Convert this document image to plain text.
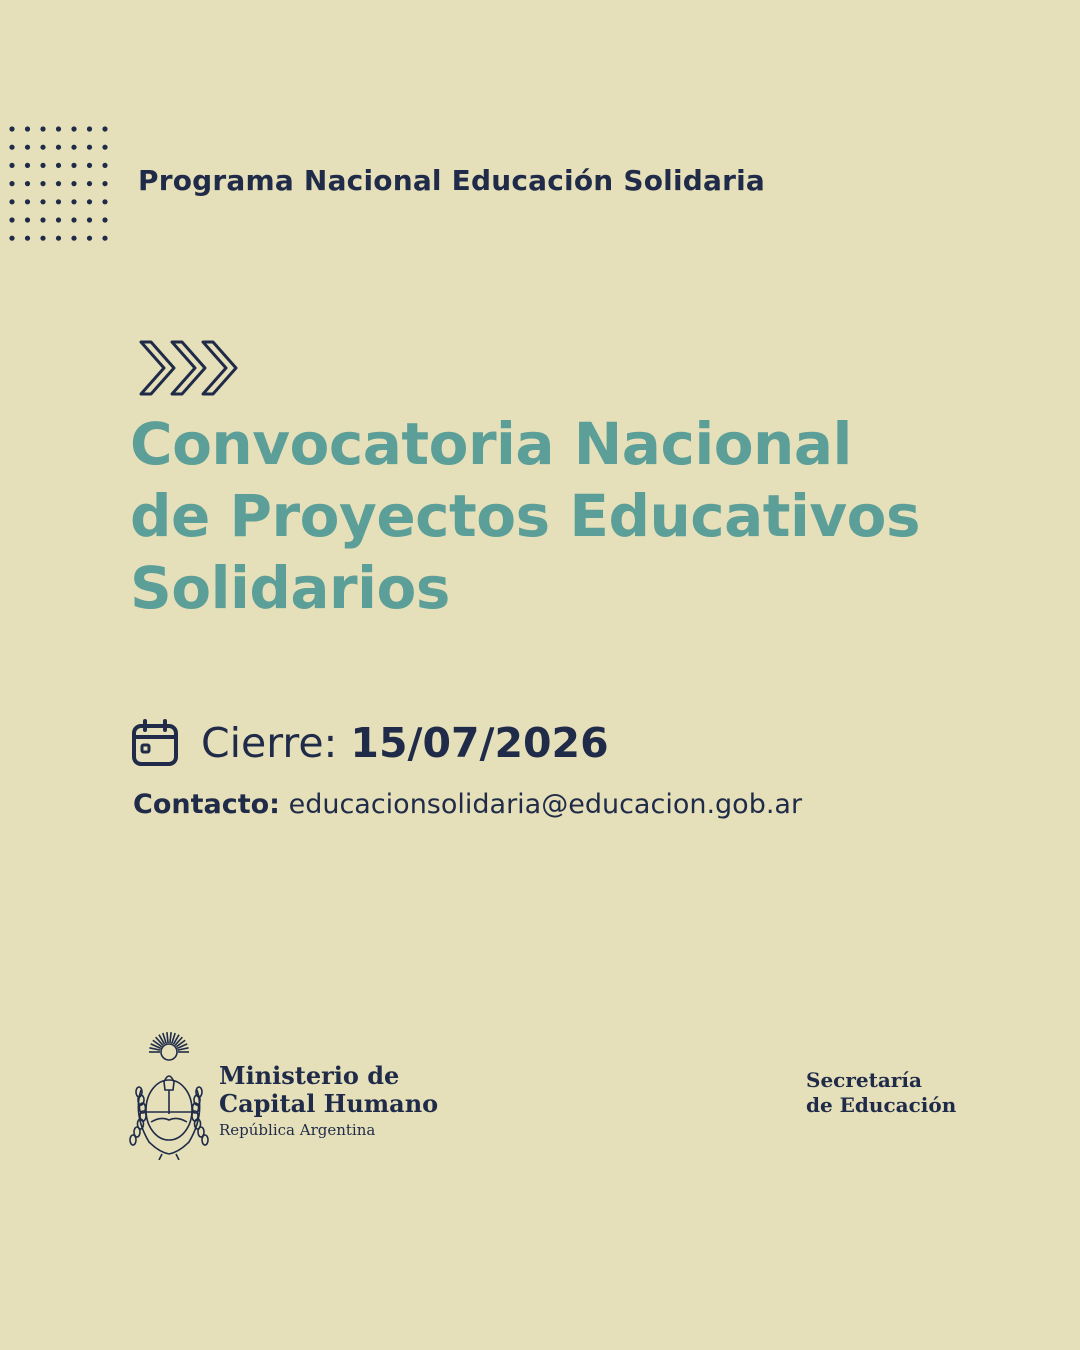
Programa Nacional Educación Solidaria
Convocatoria Nacional
de Proyectos Educativos
Solidarios
Cierre: 15/07/2026
Contacto: educacionsolidaria@educacion.gob.ar
Ministerio de
Capital Humano
República Argentina
Secretaría
de Educación
